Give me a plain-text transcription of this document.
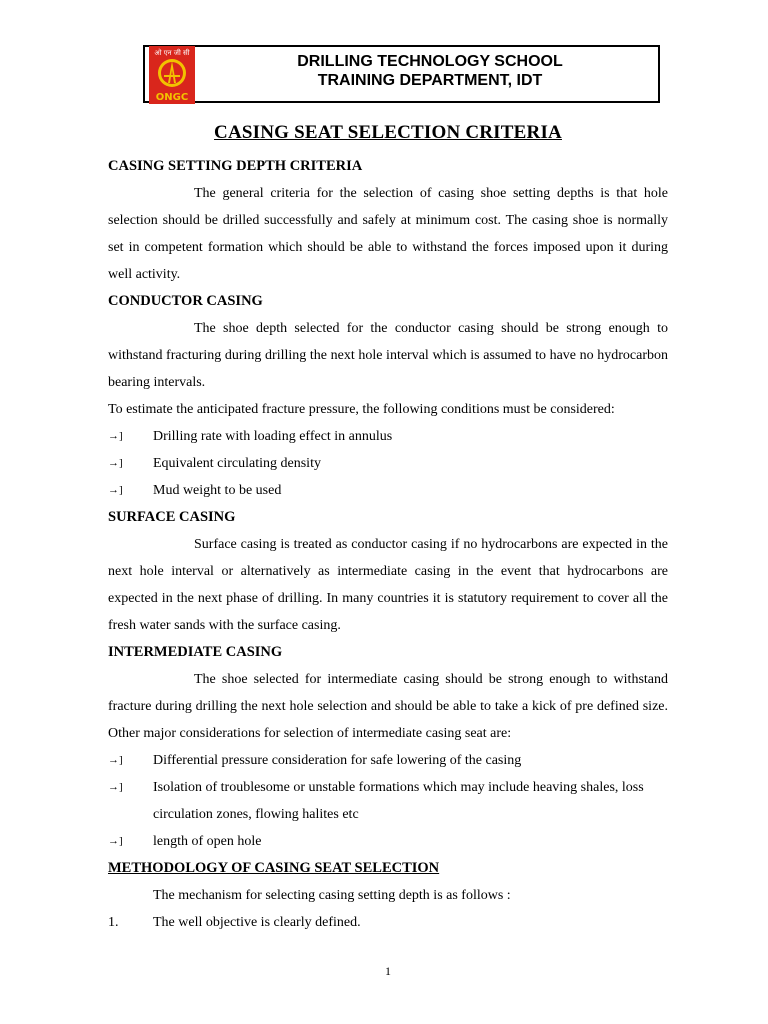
ओ एन जी सी
ONGC
DRILLING TECHNOLOGY SCHOOL
TRAINING DEPARTMENT, IDT
CASING SEAT SELECTION CRITERIA

CASING SETTING DEPTH CRITERIA

The general criteria for the selection of casing shoe setting depths is that hole selection should be drilled successfully and safely at minimum cost. The casing shoe is normally set in competent formation which should be able to withstand the forces imposed upon it during well activity.

CONDUCTOR CASING

The shoe depth selected for the conductor casing should be strong enough to withstand fracturing during drilling the next hole interval which is assumed to have no hydrocarbon bearing intervals.

To estimate the anticipated fracture pressure, the following conditions must be considered:

→]	Drilling rate with loading effect in annulus
→]	Equivalent circulating density
→]	Mud weight to be used

SURFACE CASING

Surface casing is treated as conductor casing if no hydrocarbons are expected in the next hole interval or alternatively as intermediate casing in the event that hydrocarbons are expected in the next phase of drilling. In many countries it is statutory requirement to cover all the fresh water sands with the surface casing.

INTERMEDIATE CASING

The shoe selected for intermediate casing should be strong enough to withstand fracture during drilling the next hole selection and should be able to take a kick of pre defined size. Other major considerations for selection of intermediate casing seat are:

→]	Differential pressure consideration for safe lowering of the casing
→]	Isolation of troublesome or unstable formations which may include heaving shales, loss circulation zones, flowing halites etc
→]	length of open hole

METHODOLOGY OF CASING SEAT SELECTION

The mechanism for selecting casing setting depth is as follows :

1.	The well objective is clearly defined.
1
